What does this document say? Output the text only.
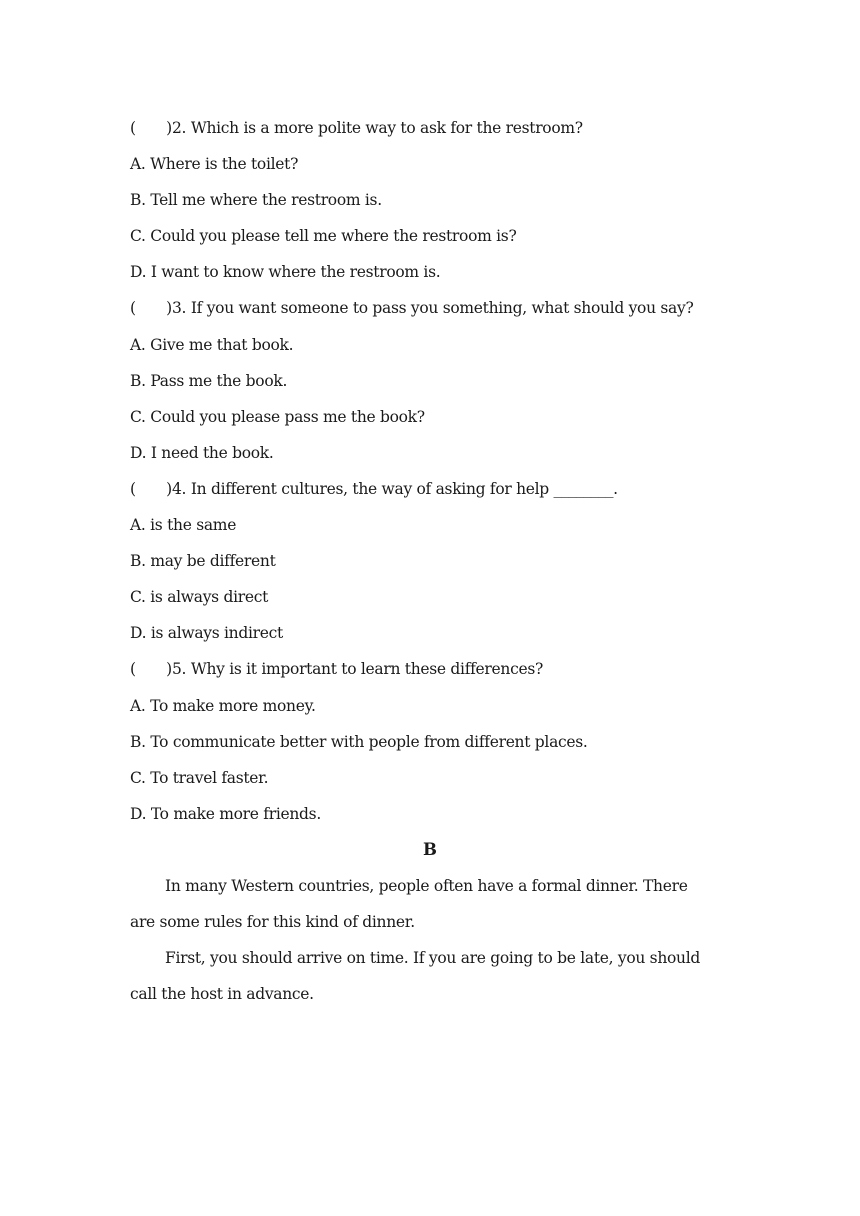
(　　)2. Which is a more polite way to ask for the restroom?
A. Where is the toilet?
B. Tell me where the restroom is.
C. Could you please tell me where the restroom is?
D. I want to know where the restroom is.
(　　)3. If you want someone to pass you something, what should you say?
A. Give me that book.
B. Pass me the book.
C. Could you please pass me the book?
D. I need the book.
(　　)4. In different cultures, the way of asking for help ________.
A. is the same
B. may be different
C. is always direct
D. is always indirect
(　　)5. Why is it important to learn these differences?
A. To make more money.
B. To communicate better with people from different places.
C. To travel faster.
D. To make more friends.
B

In many Western countries, people often have a formal dinner. There are some rules for this kind of dinner.

First, you should arrive on time. If you are going to be late, you should call the host in advance.
